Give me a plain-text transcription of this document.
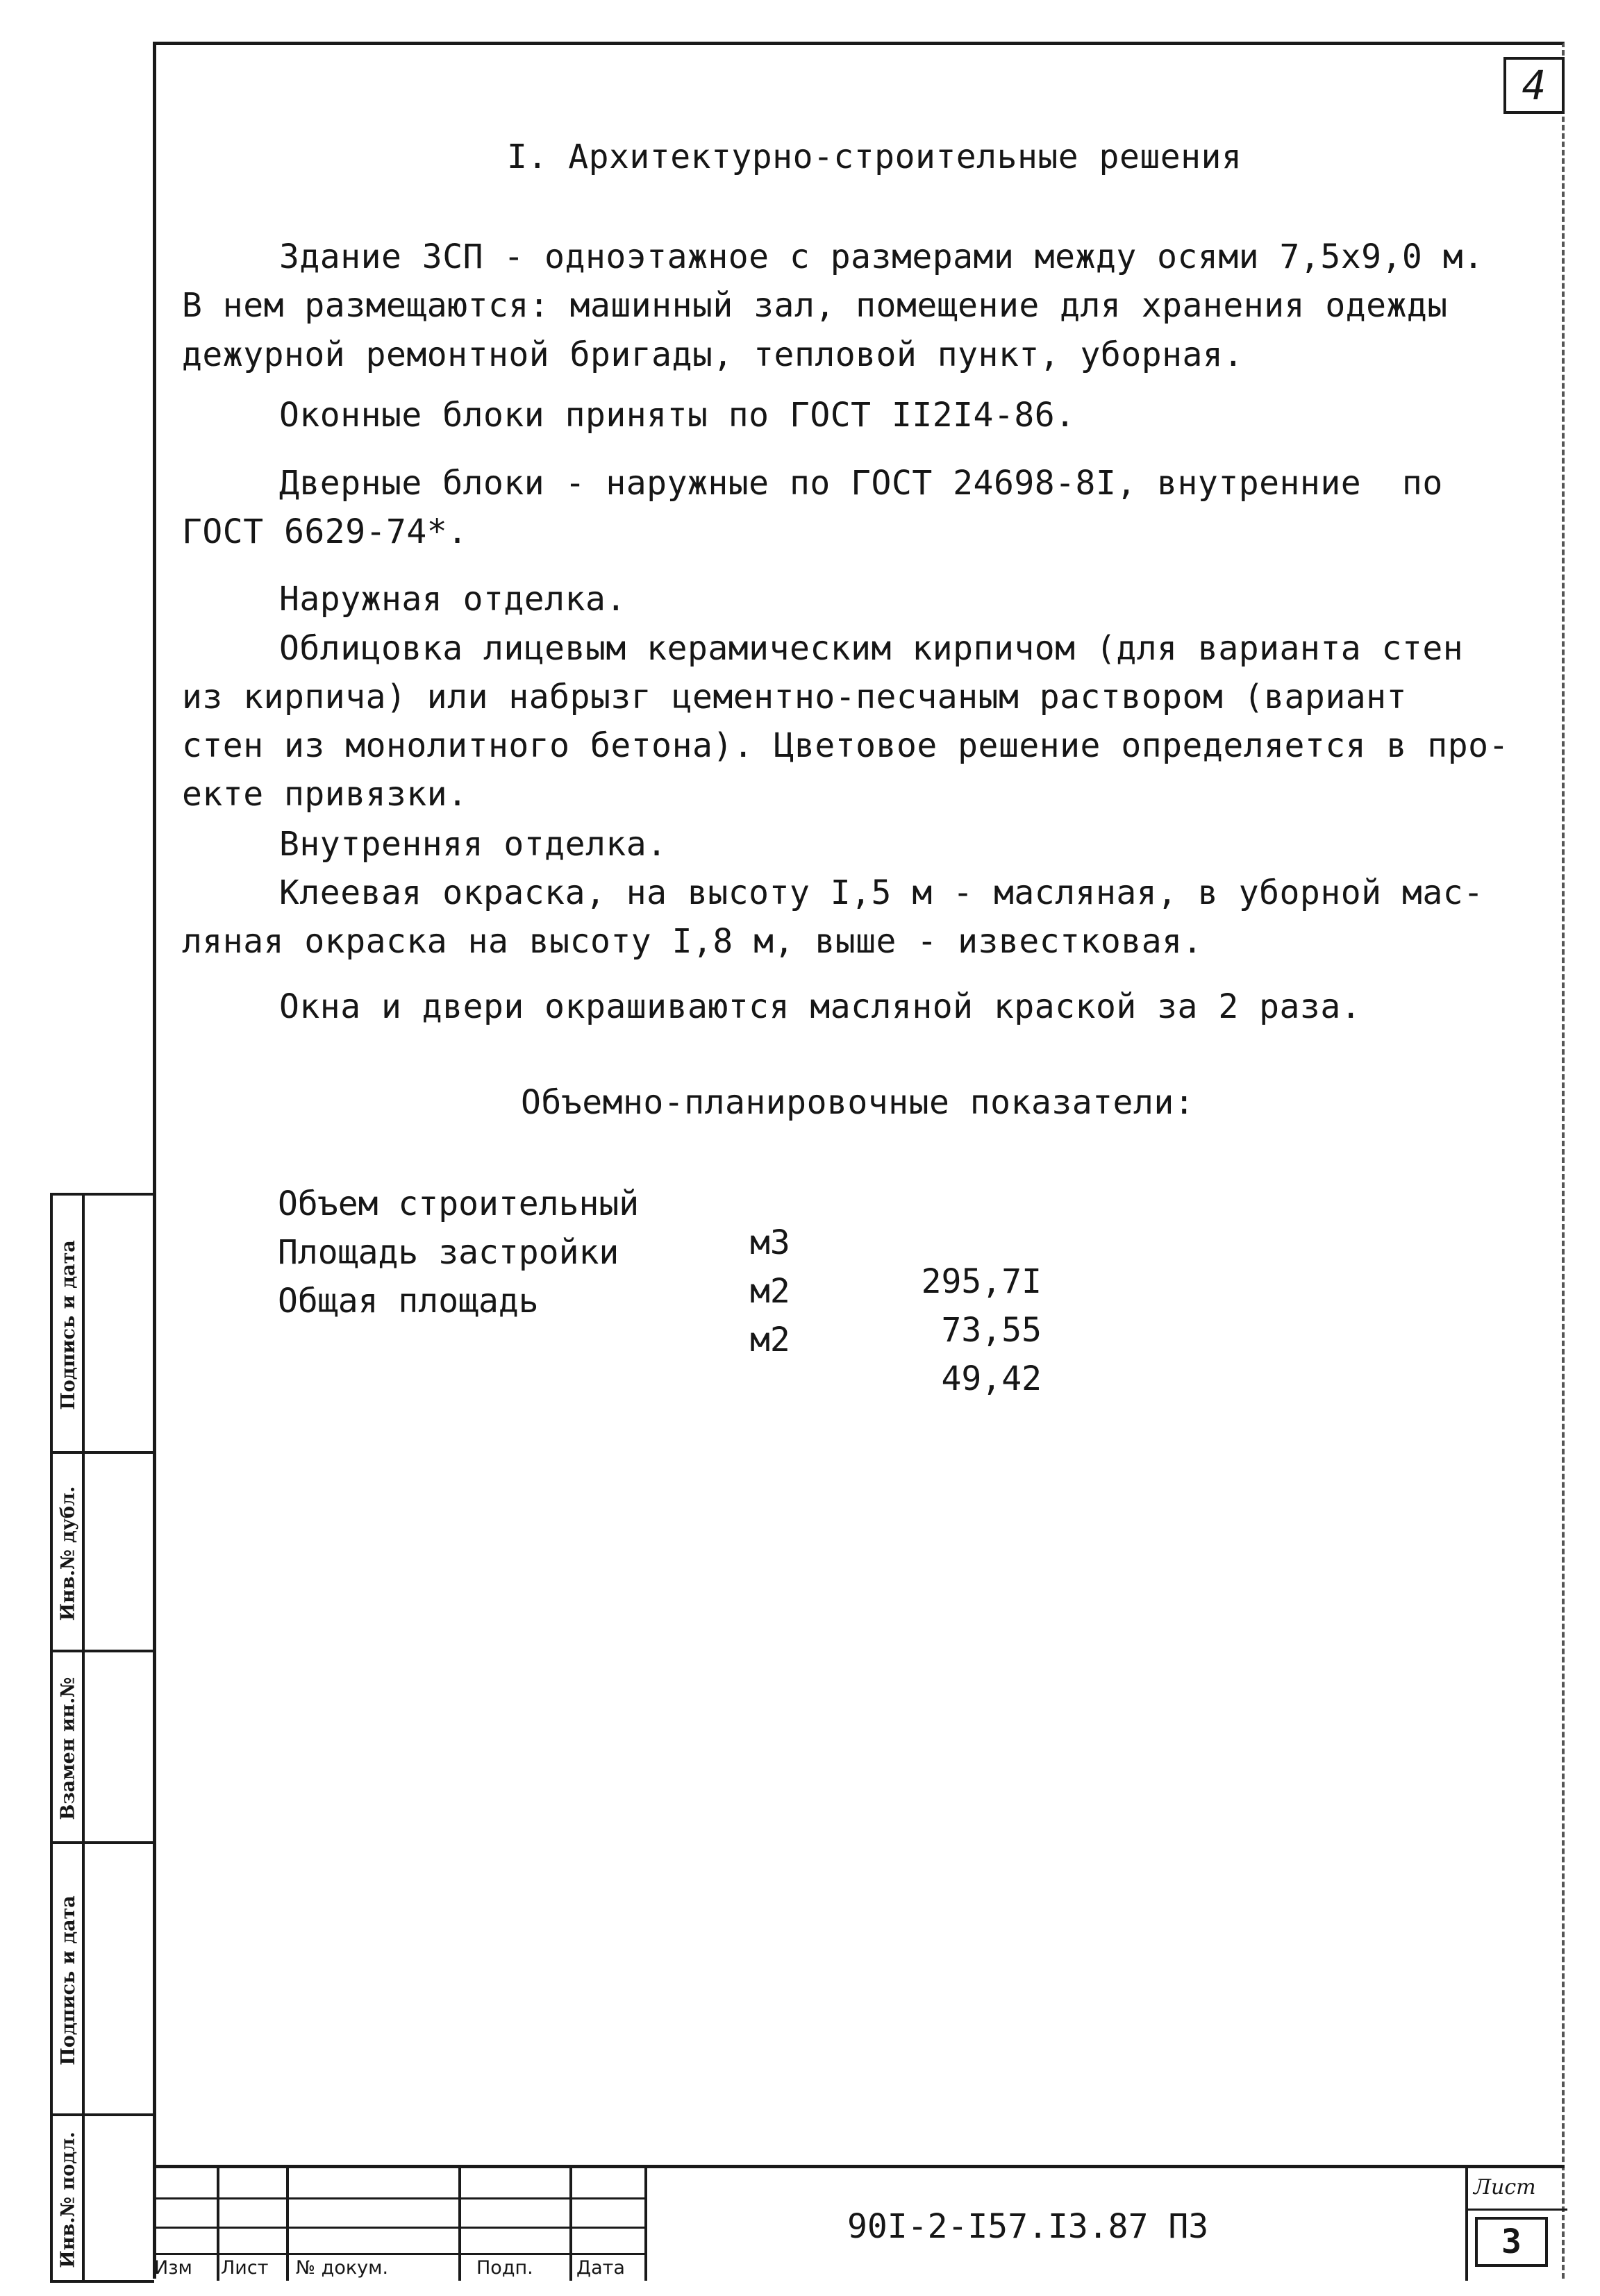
4
I. Архитектурно-строительные решения
Здание ЗСП - одноэтажное с размерами между осями 7,5х9,0 м.
В нем размещаются: машинный зал, помещение для хранения одежды
дежурной ремонтной бригады, тепловой пункт, уборная.
Оконные блоки приняты по ГОСТ II2I4-86.
Дверные блоки - наружные по ГОСТ 24698-8I, внутренние  по
ГОСТ 6629-74*.
Наружная отделка.
Облицовка лицевым керамическим кирпичом (для варианта стен
из кирпича) или набрызг цементно-песчаным раствором (вариант
стен из монолитного бетона). Цветовое решение определяется в про-
екте привязки.
Внутренняя отделка.
Клеевая окраска, на высоту I,5 м - масляная, в уборной мас-
ляная окраска на высоту I,8 м, выше - известковая.
Окна и двери окрашиваются масляной краской за 2 раза.
Объемно-планировочные показатели:

Объем строительный

м3

295,7I

Площадь застройки

м2

73,55

Общая площадь

м2

49,42

Подпись и дата
Инв.№ дубл.
Взамен ин.№
Подпись и дата
Инв.№ подл.
Изм Лист № докум.	Подп. Дата
90I-2-I57.I3.87 ПЗ
Лист
3
